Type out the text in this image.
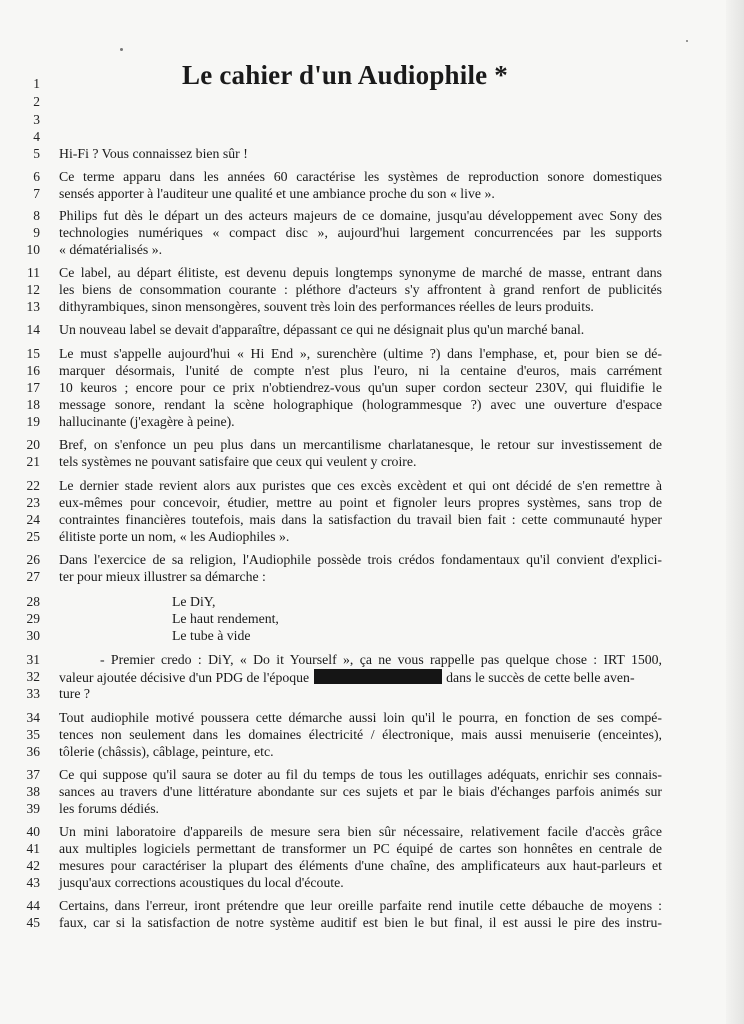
Le cahier d'un Audiophile *
1
2
3
4
5
6
7
8
9
10
11
12
13
14
15
16
17
18
19
20
21
22
23
24
25
26
27
28
29
30
31
32
33
34
35
36
37
38
39
40
41
42
43
44
45
Hi-Fi ? Vous connaissez bien sûr !
Ce terme apparu dans les années 60 caractérise les systèmes de reproduction sonore domestiques
sensés apporter à l'auditeur une qualité et une ambiance proche du son « live ».
Philips fut dès le départ un des acteurs majeurs de ce domaine, jusqu'au développement avec Sony des
technologies numériques « compact disc », aujourd'hui largement concurrencées par les supports
« dématérialisés ».
Ce label, au départ élitiste, est devenu depuis longtemps synonyme de marché de masse, entrant dans
les biens de consommation courante : pléthore d'acteurs s'y affrontent à grand renfort de publicités
dithyrambiques, sinon mensongères, souvent très loin des performances réelles de leurs produits.
Un nouveau label se devait d'apparaître, dépassant ce qui ne désignait plus qu'un marché banal.
Le must s'appelle aujourd'hui « Hi End », surenchère (ultime ?) dans l'emphase, et, pour bien se dé-
marquer désormais, l'unité de compte n'est plus l'euro, ni la centaine d'euros, mais carrément
10 keuros ; encore pour ce prix n'obtiendrez-vous qu'un super cordon secteur 230V, qui fluidifie le
message sonore, rendant la scène holographique (hologrammesque ?) avec une ouverture d'espace
hallucinante (j'exagère à peine).
Bref, on s'enfonce un peu plus dans un mercantilisme charlatanesque, le retour sur investissement de
tels systèmes ne pouvant satisfaire que ceux qui veulent y croire.
Le dernier stade revient alors aux puristes que ces excès excèdent et qui ont décidé de s'en remettre à
eux-mêmes pour concevoir, étudier, mettre au point et fignoler leurs propres systèmes, sans trop de
contraintes financières toutefois, mais dans la satisfaction du travail bien fait : cette communauté hyper
élitiste porte un nom, « les Audiophiles ».
Dans l'exercice de sa religion, l'Audiophile possède trois crédos fondamentaux qu'il convient d'explici-
ter pour mieux illustrer sa démarche :
Le DiY,
Le haut rendement,
Le tube à vide
- Premier credo : DiY, « Do it Yourself », ça ne vous rappelle pas quelque chose : IRT 1500,
valeur ajoutée décisive d'un PDG de l'époque	dans le succès de cette belle aven-
ture ?
Tout audiophile motivé poussera cette démarche aussi loin qu'il le pourra, en fonction de ses compé-
tences non seulement dans les domaines électricité / électronique, mais aussi menuiserie (enceintes),
tôlerie (châssis), câblage, peinture, etc.
Ce qui suppose qu'il saura se doter au fil du temps de tous les outillages adéquats, enrichir ses connais-
sances au travers d'une littérature abondante sur ces sujets et par le biais d'échanges parfois animés sur
les forums dédiés.
Un mini laboratoire d'appareils de mesure sera bien sûr nécessaire, relativement facile d'accès grâce
aux multiples logiciels permettant de transformer un PC équipé de cartes son honnêtes en centrale de
mesures pour caractériser la plupart des éléments d'une chaîne, des amplificateurs aux haut-parleurs et
jusqu'aux corrections acoustiques du local d'écoute.
Certains, dans l'erreur, iront prétendre que leur oreille parfaite rend inutile cette débauche de moyens :
faux, car si la satisfaction de notre système auditif est bien le but final, il est aussi le pire des instru-
